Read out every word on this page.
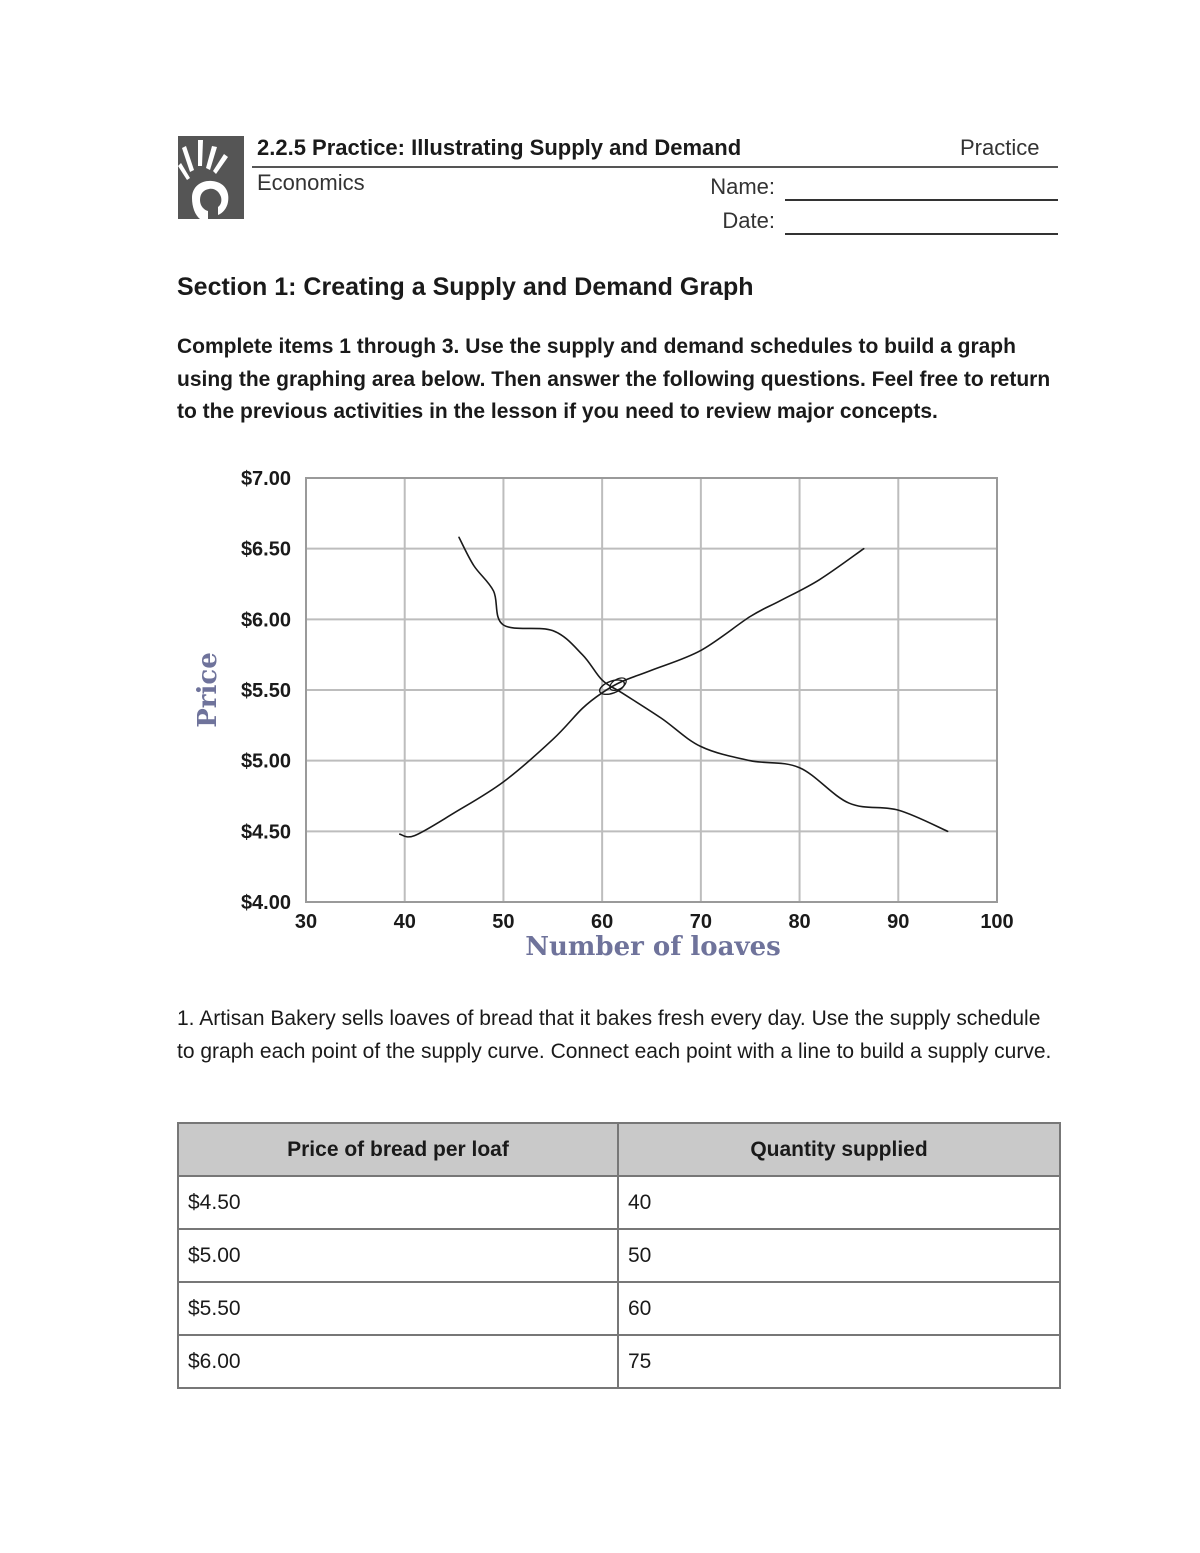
2.2.5 Practice: Illustrating Supply and Demand	Practice
Economics	Name:
Date:
Section 1: Creating a Supply and Demand Graph
Complete items 1 through 3. Use the supply and demand schedules to build a graph using the graphing area below. Then answer the following questions. Feel free to return to the previous activities in the lesson if you need to review major concepts.
$4.00
$4.50
$5.00
$5.50
$6.00
$6.50
$7.00
30	40	50	60	70	80	90	100
Price
Number of loaves
1. Artisan Bakery sells loaves of bread that it bakes fresh every day. Use the supply schedule to graph each point of the supply curve. Connect each point with a line to build a supply curve.
Price of bread per loaf	Quantity supplied
$4.50	40
$5.00	50
$5.50	60
$6.00	75
